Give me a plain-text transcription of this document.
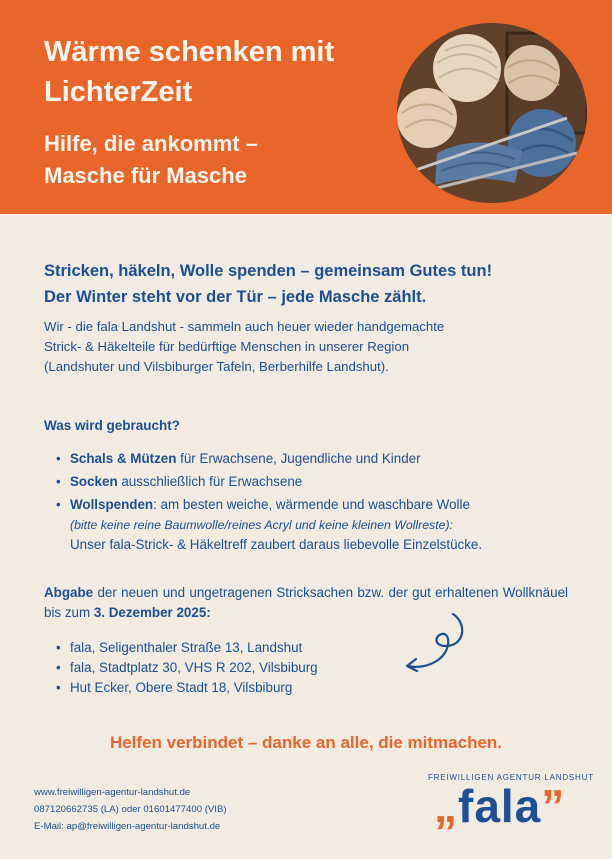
Wärme schenken mit
LichterZeit
Hilfe, die ankommt –
Masche für Masche
Stricken, häkeln, Wolle spenden – gemeinsam Gutes tun!
Der Winter steht vor der Tür – jede Masche zählt.
Wir - die fala Landshut - sammeln auch heuer wieder handgemachte
Strick- & Häkelteile für bedürftige Menschen in unserer Region
(Landshuter und Vilsbiburger Tafeln, Berberhilfe Landshut).
Was wird gebraucht?
• Schals & Mützen für Erwachsene, Jugendliche und Kinder
• Socken ausschließlich für Erwachsene
• Wollspenden: am besten weiche, wärmende und waschbare Wolle
(bitte keine reine Baumwolle/reines Acryl und keine kleinen Wollreste):
Unser fala-Strick- & Häkeltreff zaubert daraus liebevolle Einzelstücke.
Abgabe der neuen und ungetragenen Stricksachen bzw. der gut erhaltenen Wollknäuel bis zum 3. Dezember 2025:
• fala, Seligenthaler Straße 13, Landshut
• fala, Stadtplatz 30, VHS R 202, Vilsbiburg
• Hut Ecker, Obere Stadt 18, Vilsbiburg
Helfen verbindet – danke an alle, die mitmachen.
www.freiwilligen-agentur-landshut.de
087120662735 (LA) oder 01601477400 (VIB)
E-Mail: ap@freiwilligen-agentur-landshut.de
FREIWILLIGEN AGENTUR LANDSHUT
„fala”
